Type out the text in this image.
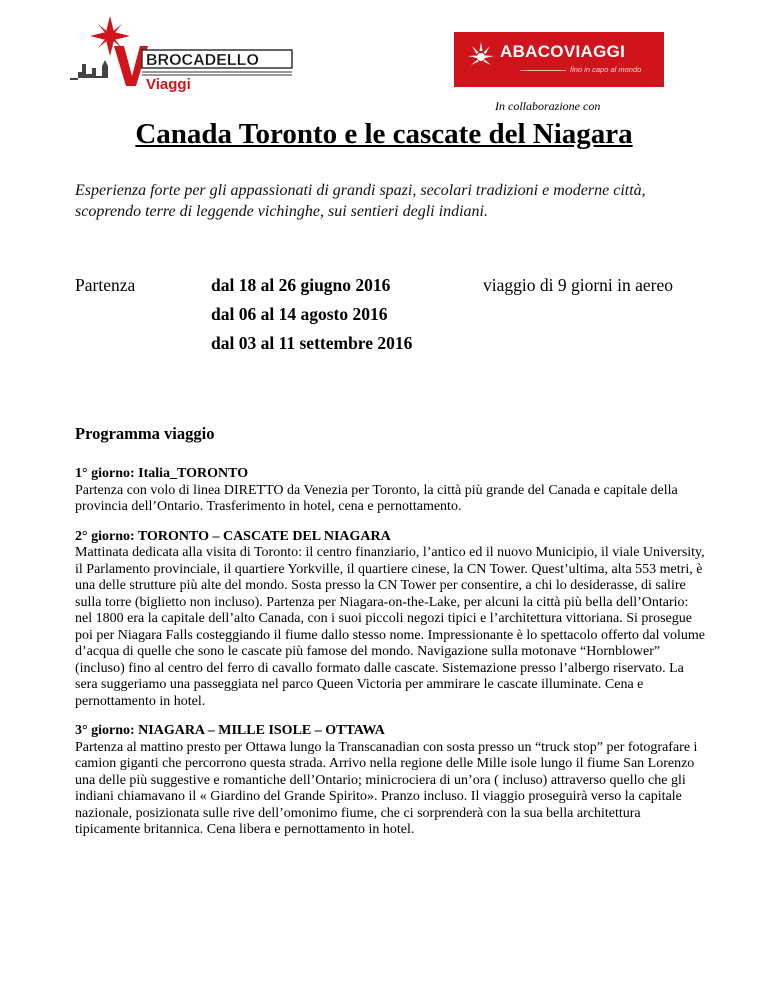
BROCADELLO
Viaggi
ABACOVIAGGI
fino in capo al mondo
In collaborazione con
Canada Toronto e le cascate del Niagara

Esperienza forte per gli appassionati di grandi spazi, secolari tradizioni e moderne città, scoprendo terre di leggende vichinghe, sui sentieri degli indiani.

Partenza	dal 18 al 26 giugno 2016
dal 06 al 14 agosto 2016
dal 03 al 11 settembre 2016
viaggio di 9 giorni in aereo
Programma viaggio

1° giorno: Italia_TORONTO
Partenza con volo di linea DIRETTO da Venezia per Toronto, la città più grande del Canada e capitale della provincia dell’Ontario. Trasferimento in hotel, cena e pernottamento.

2° giorno: TORONTO – CASCATE DEL NIAGARA
Mattinata dedicata alla visita di Toronto: il centro finanziario, l’antico ed il nuovo Municipio, il viale University, il Parlamento provinciale, il quartiere Yorkville, il quartiere cinese, la CN Tower. Quest’ultima, alta 553 metri, è una delle strutture più alte del mondo. Sosta presso la CN Tower per consentire, a chi lo desiderasse, di salire sulla torre (biglietto non incluso). Partenza per Niagara-on-the-Lake, per alcuni la città più bella dell’Ontario: nel 1800 era la capitale dell’alto Canada, con i suoi piccoli negozi tipici e l’architettura vittoriana. Si prosegue poi per Niagara Falls costeggiando il fiume dallo stesso nome. Impressionante è lo spettacolo offerto dal volume d’acqua di quelle che sono le cascate più famose del mondo. Navigazione sulla motonave “Hornblower” (incluso) fino al centro del ferro di cavallo formato dalle cascate. Sistemazione presso l’albergo riservato. La sera suggeriamo una passeggiata nel parco Queen Victoria per ammirare le cascate illuminate. Cena e pernottamento in hotel.

3° giorno: NIAGARA – MILLE ISOLE – OTTAWA
Partenza al mattino presto per Ottawa lungo la Transcanadian con sosta presso un “truck stop” per fotografare i camion giganti che percorrono questa strada. Arrivo nella regione delle Mille isole lungo il fiume San Lorenzo una delle più suggestive e romantiche dell’Ontario; minicrociera di un’ora ( incluso) attraverso quello che gli indiani chiamavano il « Giardino del Grande Spirito». Pranzo incluso. Il viaggio proseguirà verso la capitale nazionale, posizionata sulle rive dell’omonimo fiume, che ci sorprenderà con la sua bella architettura tipicamente britannica. Cena libera e pernottamento in hotel.
